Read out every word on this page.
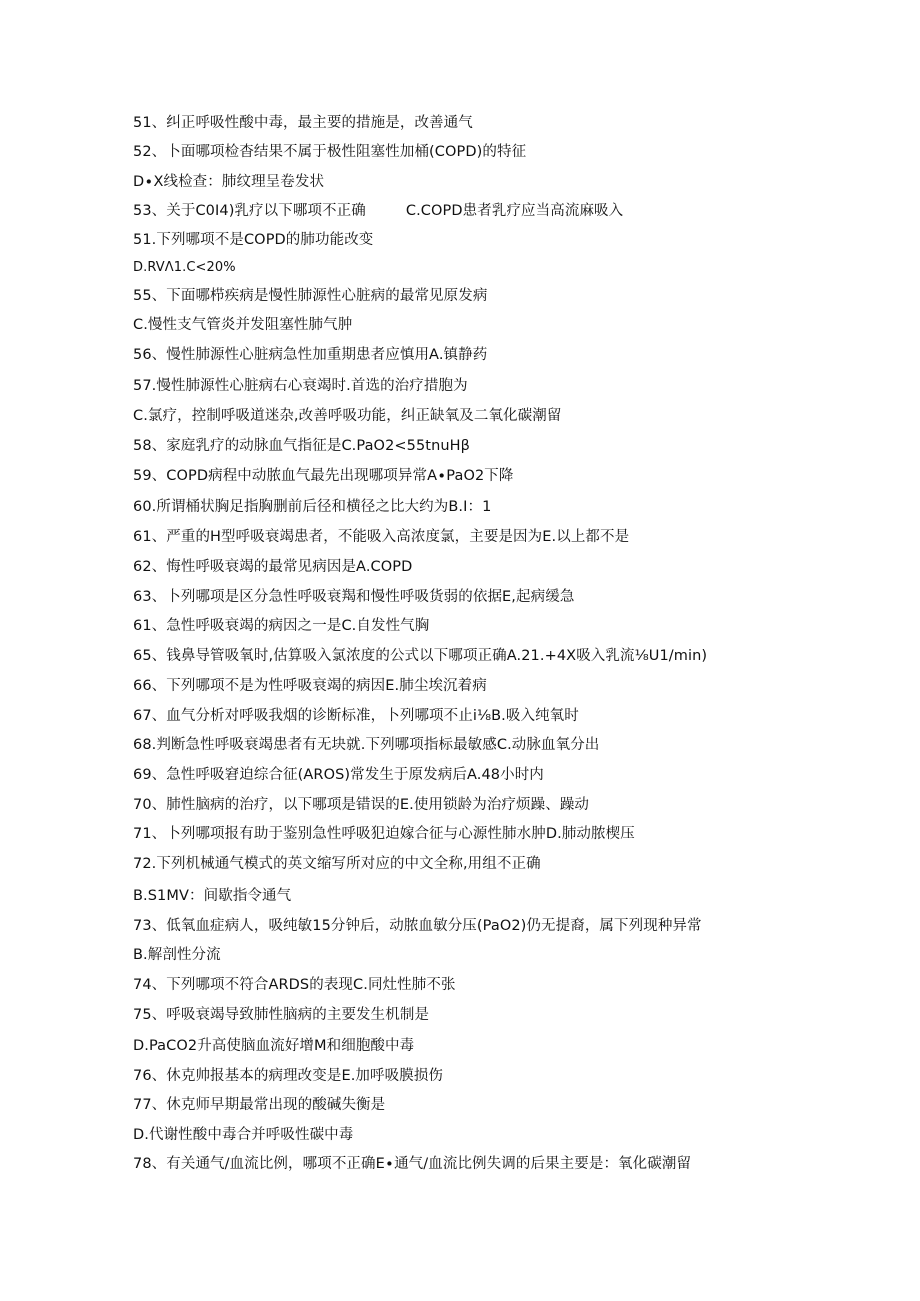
51、纠正呼吸性酸中毒，最主要的措施是，改善通气
52、卜面哪项检杳结果不属于极性阻塞性加桶(COPD)的特征
D∙X线检查：肺纹理呈卷发状
53、关于C0I4)乳疗以下哪项不正确	C.COPD患者乳疗应当高流麻吸入
51.下列哪项不是COPD的肺功能改变
D.RVΛ1.C<20%
55、下面哪栉疾病是慢性肺源性心脏病的最常见原发病
C.慢性支气管炎并发阻塞性肺气肿
56、慢性肺源性心脏病急性加重期患者应慎用A.镇静药
57.慢性肺源性心脏病右心衰竭时.首选的治疗措胞为
C.氯疗，控制呼吸道迷杂,改善呼吸功能，纠正缺氧及二氧化碳潮留
58、家庭乳疗的动脉血气指征是C.PaO2<55tnuHβ
59、COPD病程中动脓血气最先出现哪项异常A∙PaO2下降
60.所谓桶状胸足指胸删前后径和横径之比大约为B.I：1
61、严重的H型呼吸衰竭患者，不能吸入高浓度氯，主要是因为E.以上都不是
62、悔性呼吸衰竭的最常见病因是A.COPD
63、卜列哪项是区分急性呼吸衰羯和慢性呼吸货弱的依据E,起病缓急
61、急性呼吸衰竭的病因之一是C.自发性气胸
65、钱鼻导管吸氧时,估算吸入氯浓度的公式以下哪项正确A.21.+4X吸入乳流⅛U1∕min)
66、下列哪项不是为性呼吸衰竭的病因E.肺尘埃沉着病
67、血气分析对呼吸我烟的诊断标准，卜列哪项不止i⅛B.吸入纯氧时
68.判断急性呼吸衰竭患者有无块就.下列哪项指标最敏感C.动脉血氧分出
69、急性呼吸窘迫综合征(AROS)常发生于原发病后A.48小时内
70、肺性脑病的治疗，以下哪项是错误的E.使用锁龄为治疗烦躁、躁动
71、卜列哪项报有助于鉴别急性呼吸犯迫嫁合征与心源性肺水肿D.肺动脓楔压
72.下列机械通气模式的英文缩写所对应的中文全称,用组不正确
B.S1MV：间歇指令通气
73、低氧血症病人，吸纯敏15分钟后，动脓血敏分压(PaO2)仍无提裔，属下列现种异常
B.解剖性分流
74、下列哪项不符合ARDS的表现C.同灶性肺不张
75、呼吸衰竭导致肺性脑病的主要发生机制是
D.PaCO2升高使脑血流好增M和细胞酸中毒
76、休克帅报基本的病理改变是E.加呼吸膜损伤
77、休克师早期最常出现的酸碱失衡是
D.代谢性酸中毒合并呼吸性碳中毒
78、有关通气/血流比例，哪项不正确E∙通气/血流比例失调的后果主要是：氧化碳潮留
